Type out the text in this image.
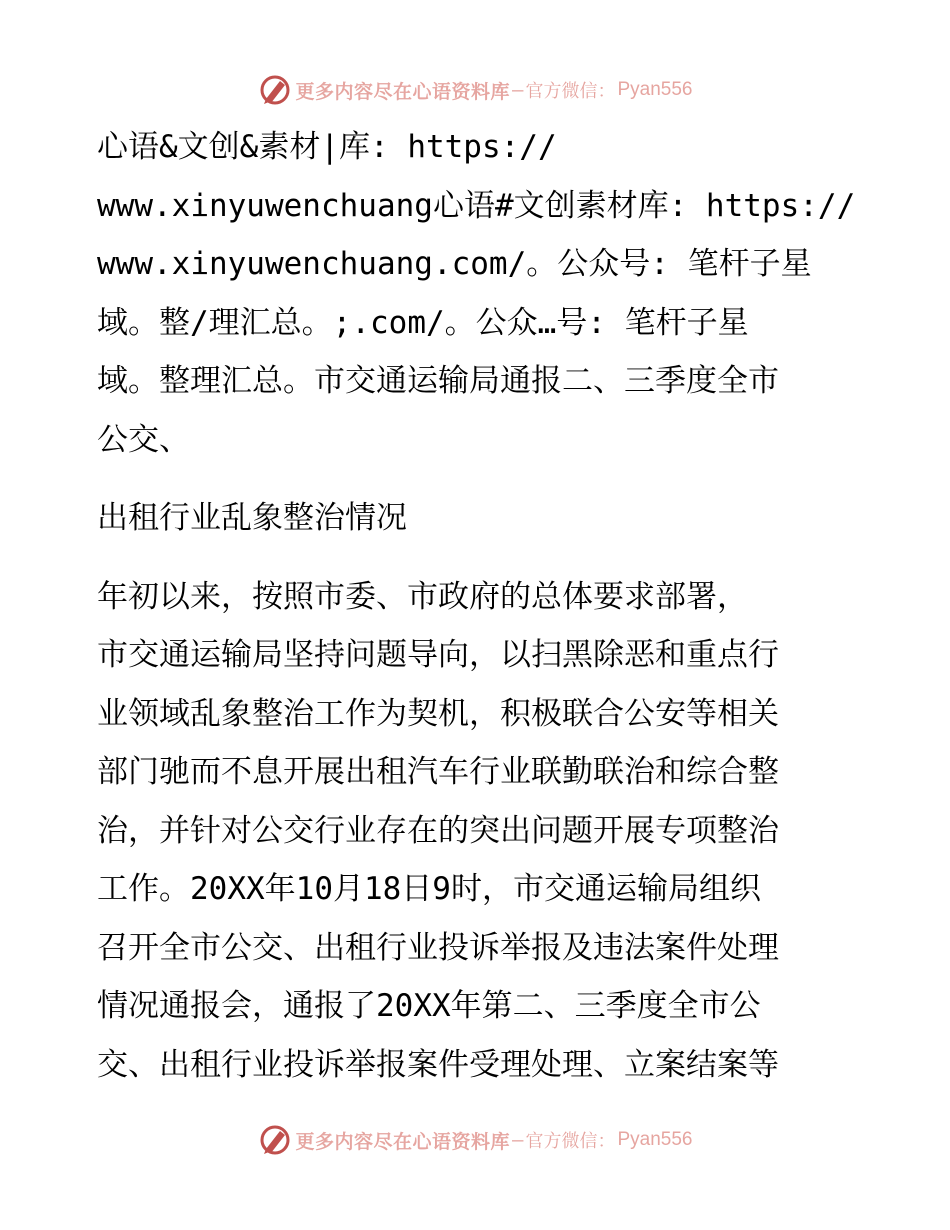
更多内容尽在心语资料库 — 官方微信： Pyan556
心语&文创&素材|库: https://
www.xinyuwenchuang心语#文创素材库: https://
www.xinyuwenchuang.com/。公众号: 笔杆子星
域。整/理汇总。;.com/。公众…号: 笔杆子星
域。整理汇总。市交通运输局通报二、三季度全市
公交、
出租行业乱象整治情况
年初以来，按照市委、市政府的总体要求部署，
市交通运输局坚持问题导向，以扫黑除恶和重点行
业领域乱象整治工作为契机，积极联合公安等相关
部门驰而不息开展出租汽车行业联勤联治和综合整
治，并针对公交行业存在的突出问题开展专项整治
工作。20XX年10月18日9时，市交通运输局组织
召开全市公交、出租行业投诉举报及违法案件处理
情况通报会，通报了20XX年第二、三季度全市公
交、出租行业投诉举报案件受理处理、立案结案等
更多内容尽在心语资料库 — 官方微信： Pyan556
